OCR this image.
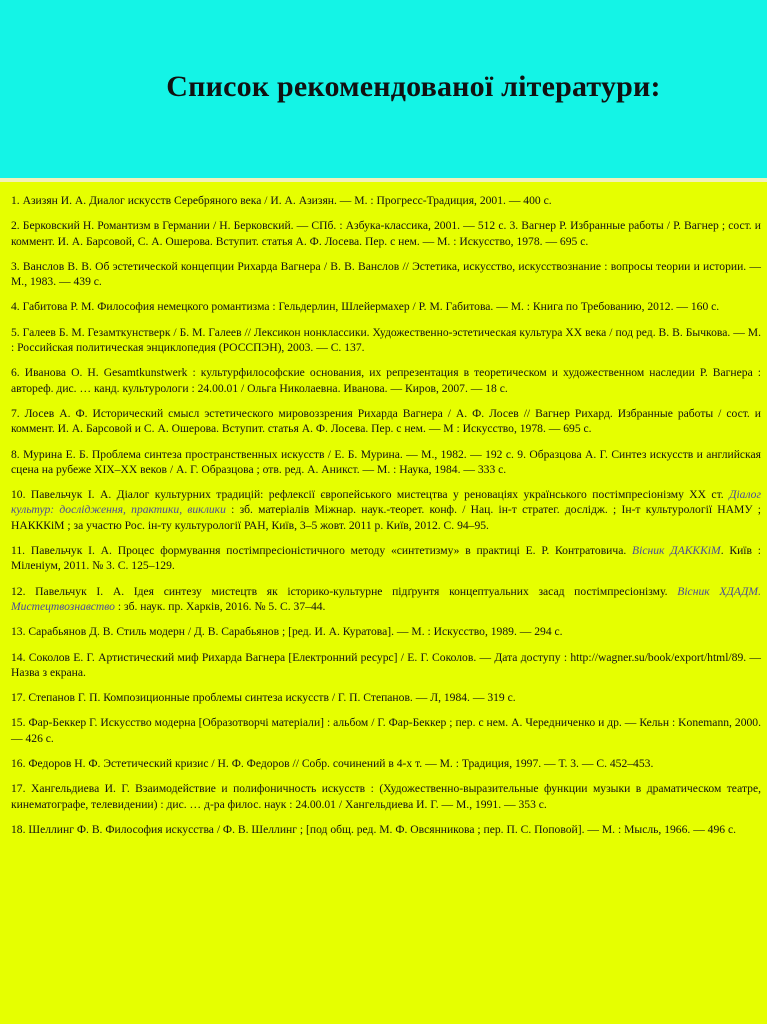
Список рекомендованої літератури:

1. Азизян И. А. Диалог искусств Серебряного века / И. А. Азизян. — М. : Прогресс-Традиция, 2001. — 400 с.

2. Берковский Н. Романтизм в Германии / Н. Берковский. — СПб. : Азбука-классика, 2001. — 512 с. 3. Вагнер Р. Избранные работы / Р. Вагнер ; сост. и коммент. И. А. Барсовой, С. А. Ошерова. Вступит. статья А. Ф. Лосева. Пер. с нем. — М. : Искусство, 1978. — 695 с.

3. Ванслов В. В. Об эстетической концепции Рихарда Вагнера / В. В. Ванслов // Эстетика, искусство, искусствознание : вопросы теории и истории. — М., 1983. — 439 с.

4. Габитова Р. М. Философия немецкого романтизма : Гельдерлин, Шлейермахер / Р. М. Габитова. — М. : Книга по Требованию, 2012. — 160 с.

5. Галеев Б. М. Гезамткунстверк / Б. М. Галеев // Лексикон нонклассики. Художественно-эстетическая культура XX века / под ред. В. В. Бычкова. — М. : Российская политическая энциклопедия (РОССПЭН), 2003. — С. 137.

6. Иванова О. Н. Gesamtkunstwerk : культурфилософские основания, их репрезентация в теоретическом и художественном наследии Р. Вагнера : автореф. дис. … канд. культурологи : 24.00.01 / Ольга Николаевна. Иванова. — Киров, 2007. — 18 с.

7. Лосев А. Ф. Исторический смысл эстетического мировоззрения Рихарда Вагнера / А. Ф. Лосев // Вагнер Рихард. Избранные работы / сост. и коммент. И. А. Барсовой и С. А. Ошерова. Вступит. статья А. Ф. Лосева. Пер. с нем. — М : Искусство, 1978. — 695 с.

8. Мурина Е. Б. Проблема синтеза пространственных искусств / Е. Б. Мурина. — М., 1982. — 192 с. 9. Образцова А. Г. Синтез искусств и английская сцена на рубеже XIX–XX веков / А. Г. Образцова ; отв. ред. А. Аникст. — М. : Наука, 1984. — 333 с.

10. Павельчук І. А. Діалог культурних традицій: рефлексії європейського мистецтва у реноваціях українського постімпресіонізму ХХ ст. Діалог культур: дослідження, практики, виклики : зб. матеріалів Міжнар. наук.-теорет. конф. / Нац. ін-т стратег. дослідж. ; Ін-т культурології НАМУ ; НАКККіМ ; за участю Рос. ін-ту культурології РАН, Київ, 3–5 жовт. 2011 р. Київ, 2012. С. 94–95.

11. Павельчук І. А. Процес формування постімпресіоністичного методу «синтетизму» в практиці Е. Р. Контратовича. Вісник ДАКККіМ. Київ : Міленіум, 2011. № 3. С. 125–129.

12. Павельчук І. А. Ідея синтезу мистецтв як історико-культурне підґрунтя концептуальних засад постімпресіонізму. Вісник ХДАДМ. Мистецтвознавство : зб. наук. пр. Харків, 2016. № 5. С. 37–44.

13. Сарабьянов Д. В. Стиль модерн / Д. В. Сарабьянов ; [ред. И. А. Куратова]. — М. : Искусство, 1989. — 294 с.

14. Соколов Е. Г. Артистический миф Рихарда Вагнера [Електронний ресурс] / Е. Г. Соколов. — Дата доступу : http://wagner.su/book/export/html/89. — Назва з екрана.

17. Степанов Г. П. Композиционные проблемы синтеза искусств / Г. П. Степанов. — Л, 1984. — 319 с.

15. Фар-Беккер Г. Искусство модерна [Образотворчі матеріали] : альбом / Г. Фар-Беккер ; пер. с нем. А. Чередниченко и др. — Кельн : Konemann, 2000. — 426 с.

16. Федоров Н. Ф. Эстетический кризис / Н. Ф. Федоров // Собр. сочинений в 4-х т. — М. : Традиция, 1997. — Т. 3. — С. 452–453.

17. Хангельдиева И. Г. Взаимодействие и полифоничность искусств : (Художественно-выразительные функции музыки в драматическом театре, кинематографе, телевидении) : дис. … д-ра филос. наук : 24.00.01 / Хангельдиева И. Г. — М., 1991. — 353 с.

18. Шеллинг Ф. В. Философия искусства / Ф. В. Шеллинг ; [под общ. ред. М. Ф. Овсянникова ; пер. П. С. Поповой]. — М. : Мысль, 1966. — 496 с.
